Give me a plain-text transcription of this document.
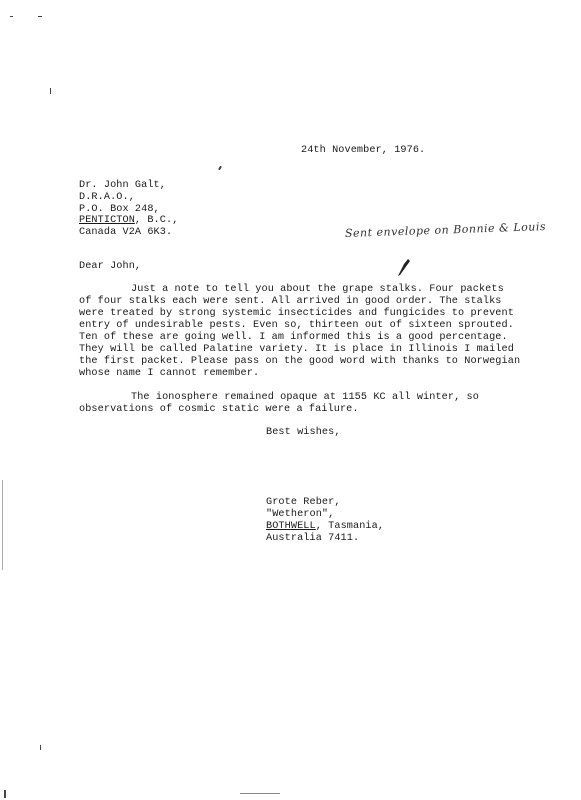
24th November, 1976.
Dr. John Galt,
D.R.A.O.,
P.O. Box 248,
PENTICTON, B.C.,
Canada V2A 6K3.	Sent envelope on Bonnie & Louis
Dear John,
Just a note to tell you about the grape stalks. Four packets
of four stalks each were sent. All arrived in good order. The stalks
were treated by strong systemic insecticides and fungicides to prevent
entry of undesirable pests. Even so, thirteen out of sixteen sprouted.
Ten of these are going well. I am informed this is a good percentage.
They will be called Palatine variety. It is place in Illinois I mailed
the first packet. Please pass on the good word with thanks to Norwegian
whose name I cannot remember.
The ionosphere remained opaque at 1155 KC all winter, so
observations of cosmic static were a failure.
Best wishes,
Grote Reber,
"Wetheron",
BOTHWELL, Tasmania,
Australia 7411.
